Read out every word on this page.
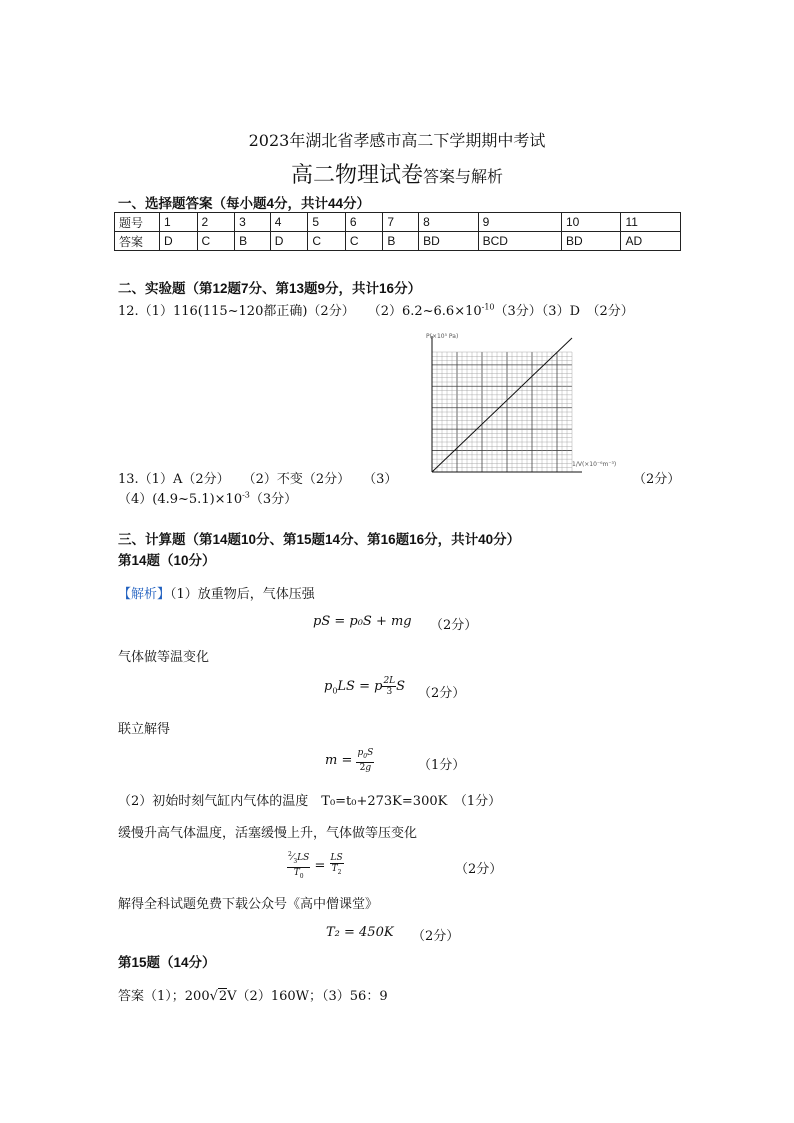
2023年湖北省孝感市高二下学期期中考试
高二物理试卷答案与解析
一、选择题答案（每小题4分，共计44分）
题号	1	2	3	4	5	6	7	8	9	10	11
答案	D	C	B	D	C	C	B	BD	BCD	BD	AD
二、实验题（第12题7分、第13题9分，共计16分）
12.（1）116(115~120都正确)（2分）　　$(2)6.2\sim 6.6\times 10^{-10}(3$分）（3）D　（2分）
P(×10⁵ Pa)
1/V(×10⁻⁶m⁻³)
13.（1）A（2分）　　（2）不变（2分）　　（3）	（2分）
$(4)(4.9\sim 5.1)\times 10^{-3}(3$分）
三、计算题（第14题10分、第15题14分、第16题16分，共计40分）
第14题（10分）
【解析】（1）放重物后，气体压强
pS = p₀S + mg （2分）
气体做等温变化
$p_0LS = p \frac{2L}{3}$ S （2分）
联立解得
$m = \frac{p_0S}{2g}$	（1分）
（2）初始时刻气缸内气体的温度　T₀=t₀+273K=300K　（1分）
缓慢升高气体温度，活塞缓慢上升，气体做等压变化
$\frac{^2⁄_3LS}{T_0} = \frac{LS}{T_2}$	（2分）
解得全科试题免费下载公众号《高中僧课堂》
T₂ = 450K （2分）
第15题（14分）
答案（1）；200√2V（2）160W；（3）56：9
